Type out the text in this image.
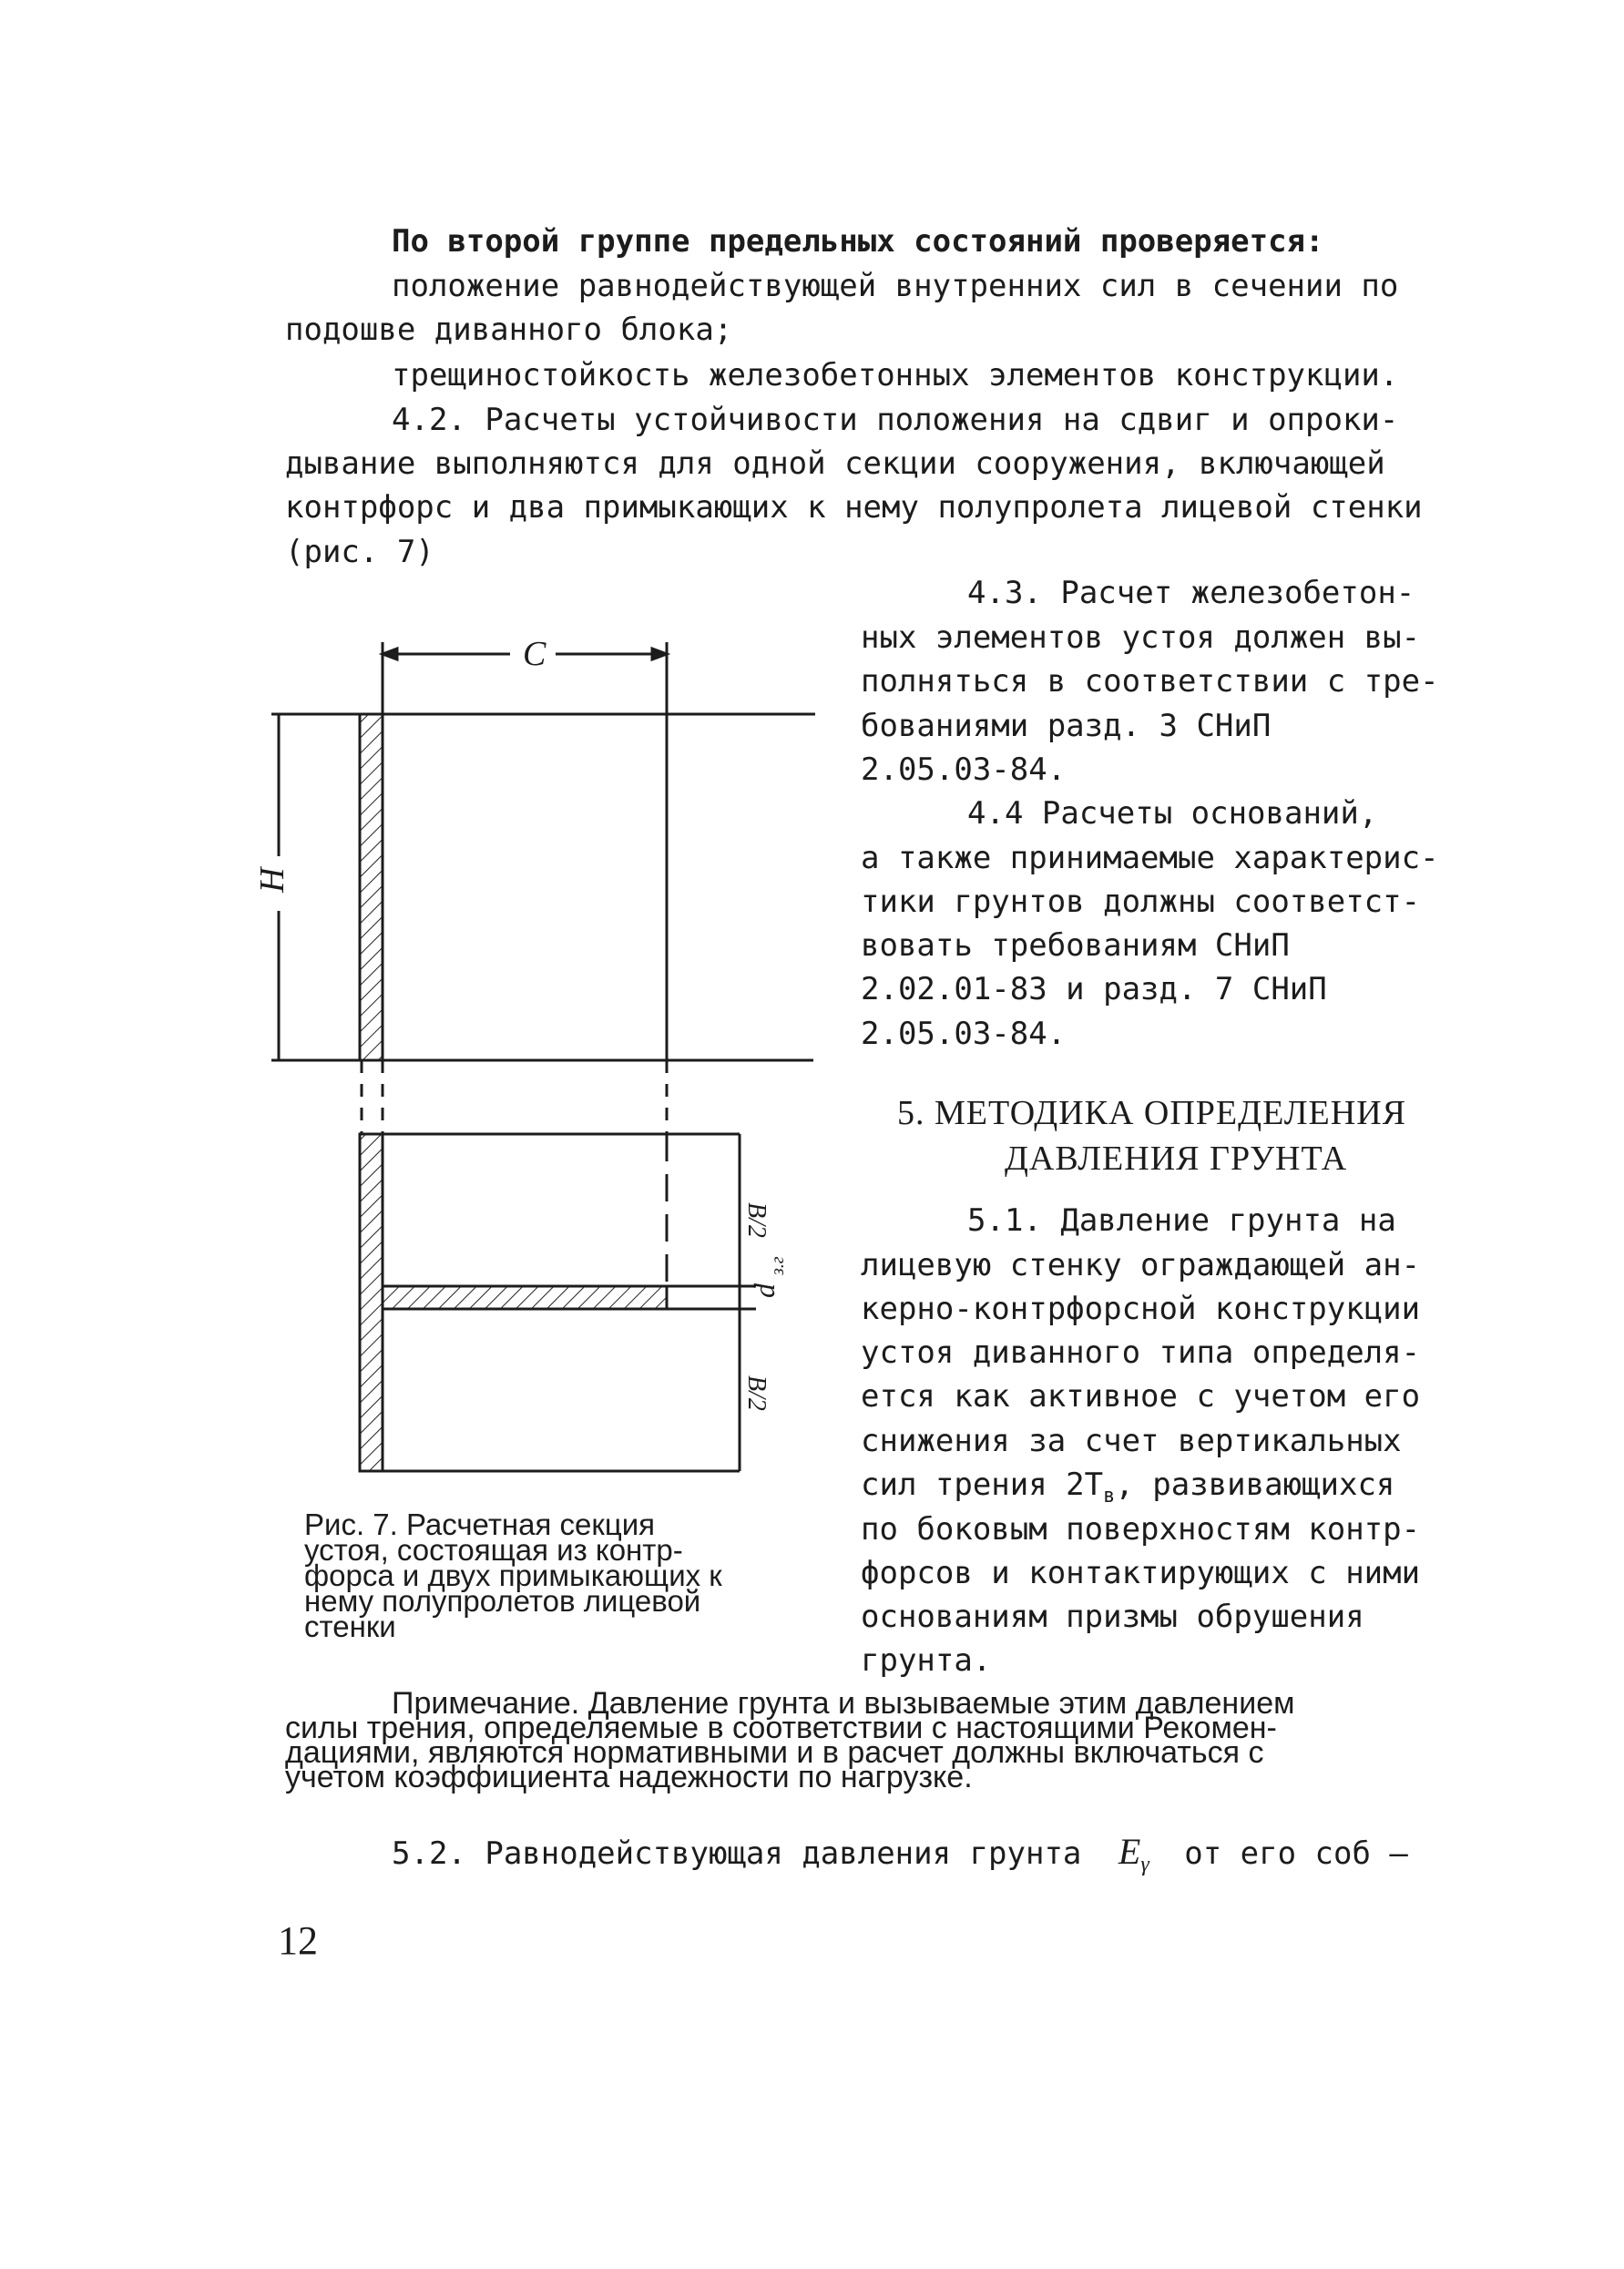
По второй группе предельных состояний проверяется:
положение равнодействующей внутренних сил в сечении по
подошве диванного блока;
трещиностойкость железобетонных элементов конструкции.
4.2. Расчеты устойчивости положения на сдвиг и опроки-
дывание выполняются для одной секции сооружения, включающей
контрфорс и два примыкающих к нему полупролета лицевой стенки
(рис. 7)
4.3. Расчет железобетон-
ных элементов устоя должен вы-
полняться в соответствии с тре-
бованиями разд. 3 СНиП
2.05.03-84.
4.4 Расчеты оснований,
а также принимаемые характерис-
тики грунтов должны соответст-
вовать требованиям СНиП
2.02.01-83 и разд. 7 СНиП
2.05.03-84.
5. МЕТОДИКА ОПРЕДЕЛЕНИЯ
ДАВЛЕНИЯ ГРУНТА
5.1. Давление грунта на
лицевую стенку ограждающей ан-
керно-контрфорсной конструкции
устоя диванного типа определя-
ется как активное с учетом его
снижения за счет вертикальных
сил трения $2Т_в$, развивающихся
по боковым поверхностям контр-
форсов и контактирующих с ними
основаниям призмы обрушения
грунта.
C
H
B/2
B/2
d
з.г
Рис. 7. Расчетная секция
устоя, состоящая из контр-
форса и двух примыкающих к
нему полупролетов лицевой
стенки
Примечание. Давление грунта и вызываемые этим давлением
силы трения, определяемые в соответствии с настоящими Рекомен-
дациями, являются нормативными и в расчет должны включаться с
учетом коэффициента надежности по нагрузке.
5.2. Равнодействующая давления грунта $E_\gamma$ от его соб –
12
